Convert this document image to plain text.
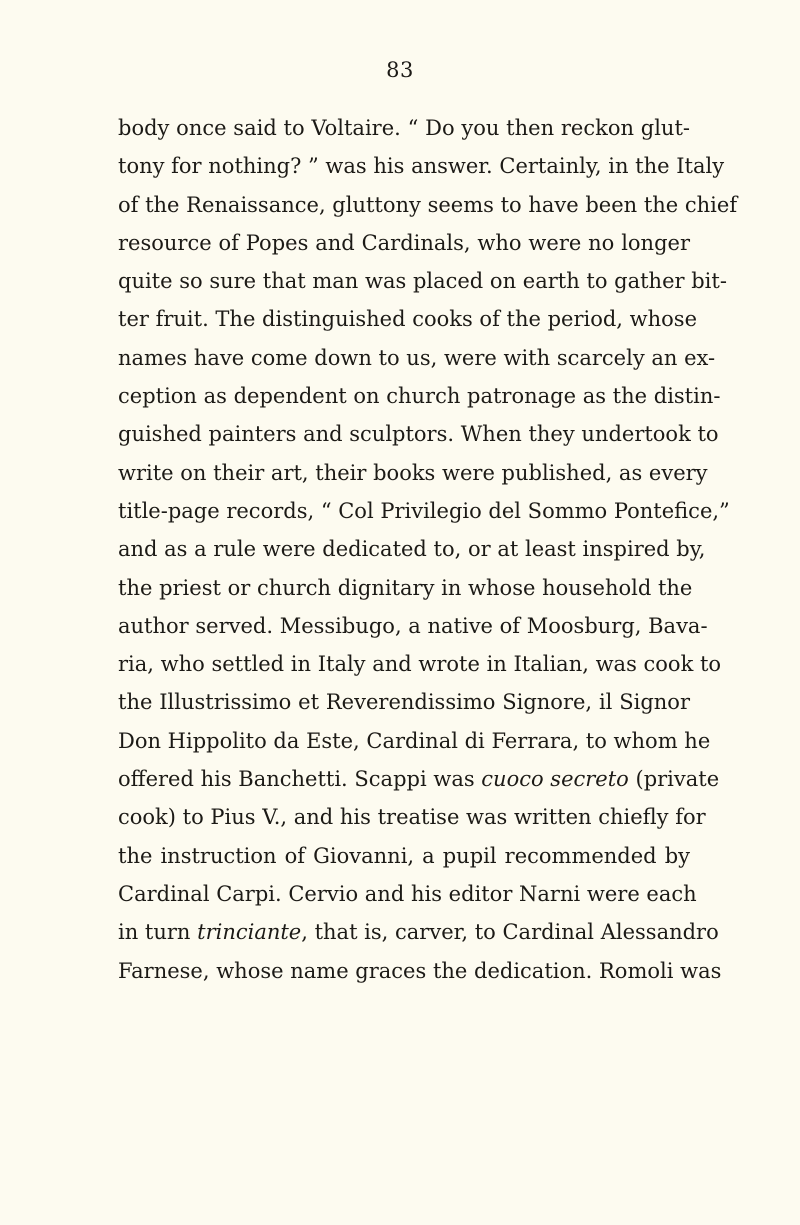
83
body once said to Voltaire. “ Do you then reckon glut-
tony for nothing? ” was his answer. Certainly, in the Italy
of the Renaissance, gluttony seems to have been the chief
resource of Popes and Cardinals, who were no longer
quite so sure that man was placed on earth to gather bit-
ter fruit. The distinguished cooks of the period, whose
names have come down to us, were with scarcely an ex-
ception as dependent on church patronage as the distin-
guished painters and sculptors. When they undertook to
write on their art, their books were published, as every
title-page records, “ Col Privilegio del Sommo Pontefice,”
and as a rule were dedicated to, or at least inspired by,
the priest or church dignitary in whose household the
author served. Messibugo, a native of Moosburg, Bava-
ria, who settled in Italy and wrote in Italian, was cook to
the Illustrissimo et Reverendissimo Signore, il Signor
Don Hippolito da Este, Cardinal di Ferrara, to whom he
offered his Banchetti. Scappi was cuoco secreto (private
cook) to Pius V., and his treatise was written chiefly for
the instruction of Giovanni, a pupil recommended by
Cardinal Carpi. Cervio and his editor Narni were each
in turn trinciante, that is, carver, to Cardinal Alessandro
Farnese, whose name graces the dedication. Romoli was
